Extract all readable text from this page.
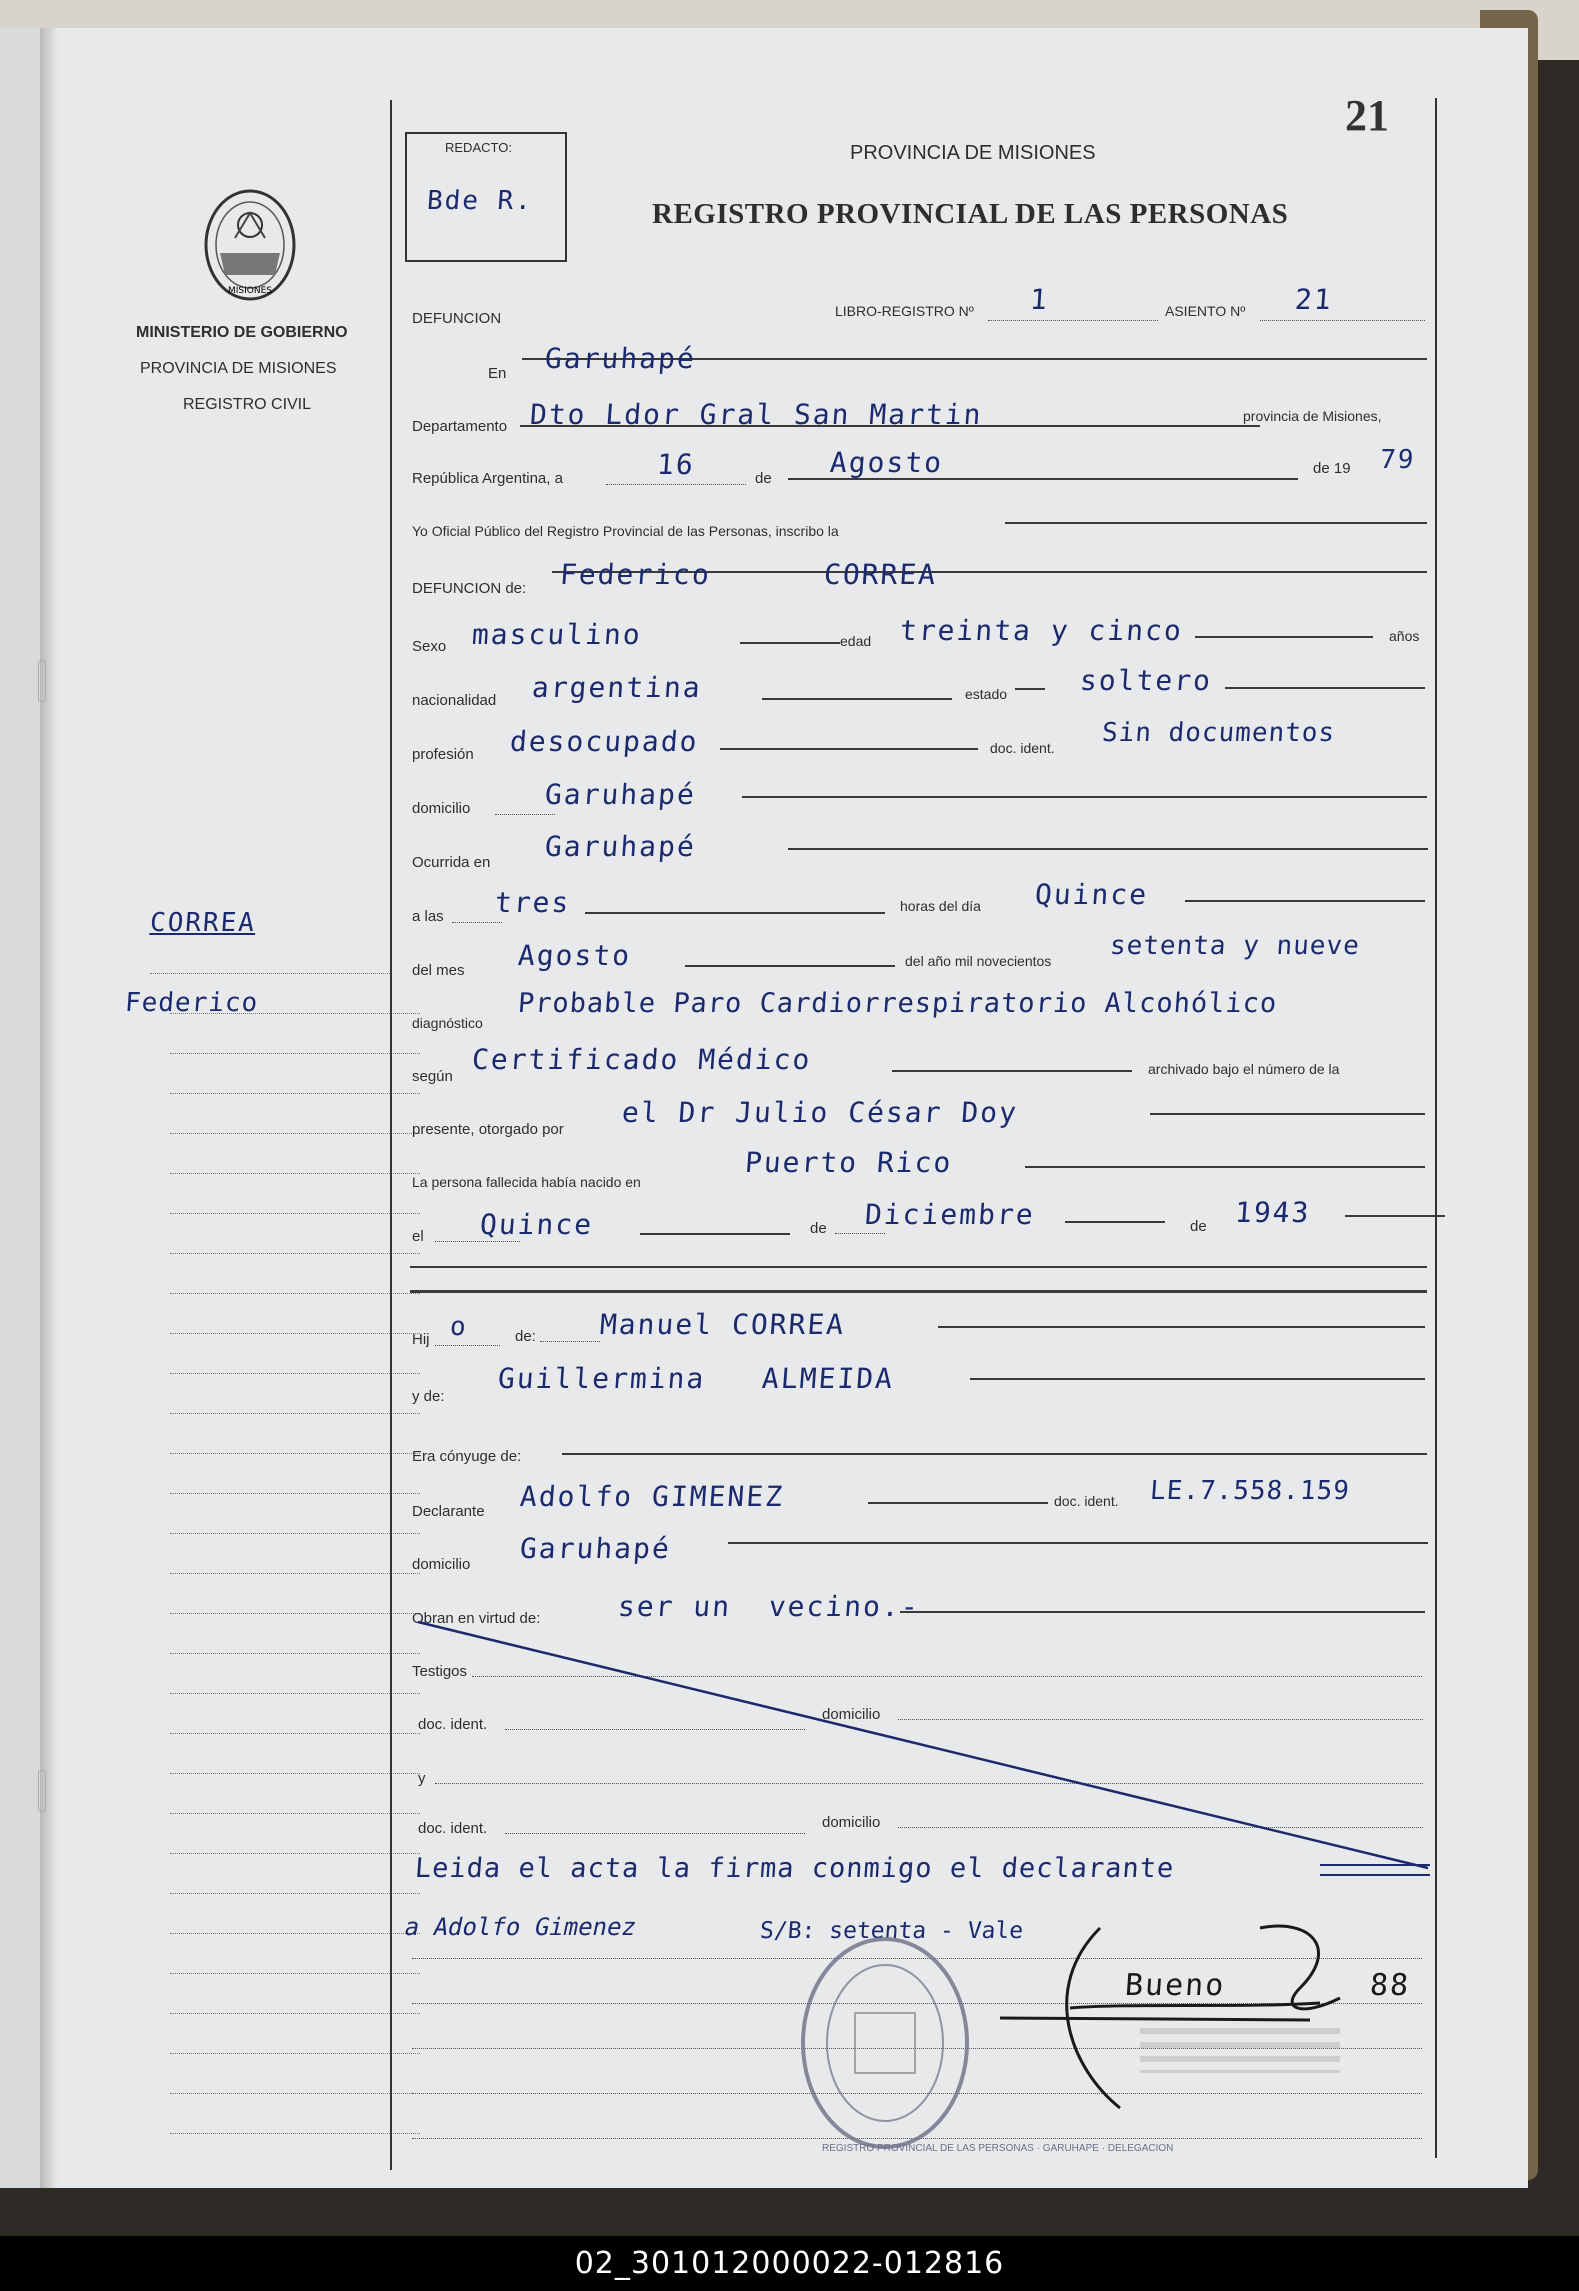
MISIONES
MINISTERIO DE GOBIERNO
PROVINCIA DE MISIONES
REGISTRO CIVIL
CORREA
Federico
21
REDACTO:
Bde R.
PROVINCIA DE MISIONES
REGISTRO PROVINCIAL DE LAS PERSONAS
DEFUNCION	LIBRO-REGISTRO Nº 1	ASIENTO Nº 21
En Garuhapé
Departamento Dto Ldor Gral San Martin	provincia de Misiones,
República Argentina, a	16	de Agosto	de 19 79
Yo Oficial Público del Registro Provincial de las Personas, inscribo la
DEFUNCION de: Federico      CORREA
Sexo masculino	edad treinta y cinco	años
nacionalidad argentina	estado	soltero
profesión desocupado	doc. ident. Sin documentos
domicilio	Garuhapé
Ocurrida en Garuhapé
a las tres	horas del día Quince
del mes Agosto	del año mil novecientos setenta y nueve
diagnóstico
Probable Paro Cardiorrespiratorio Alcohólico
según
Certificado Médico	archivado bajo el número de la
presente, otorgado por
el Dr Julio César Doy
La persona fallecida había nacido en
Puerto Rico
el Quince	de Diciembre	de 1943
Hij o	de: Manuel CORREA
y de:
Guillermina   ALMEIDA
Era cónyuge de:
Declarante Adolfo GIMENEZ	doc. ident. LE.7.558.159
domicilio Garuhapé
Obran en virtud de:	ser un  vecino.-
Testigos
doc. ident.
domicilio
y
doc. ident.	domicilio
Leida el acta la firma conmigo el declarante
a Adolfo Gimenez	S/B: setenta - Vale
REGISTRO PROVINCIAL DE LAS PERSONAS · GARUHAPE · DELEGACION
Bueno	88
02_301012000022-012816
